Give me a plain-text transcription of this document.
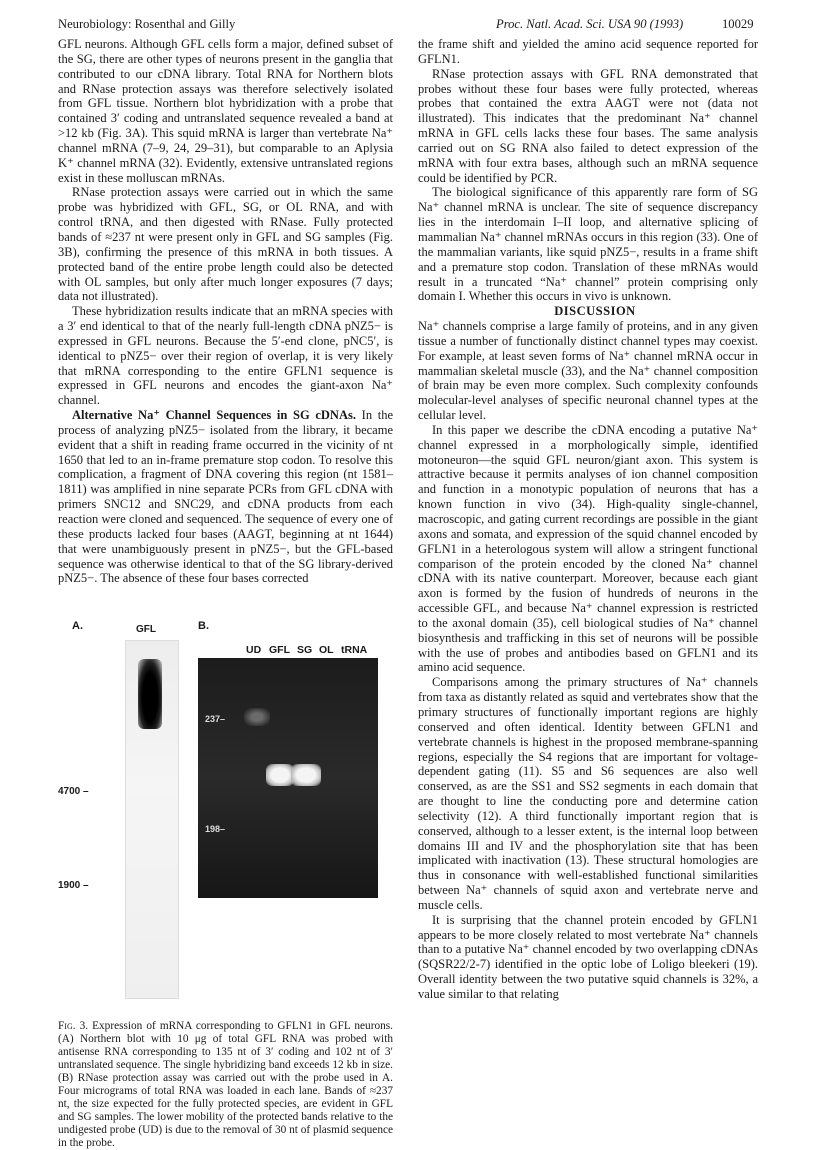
Neurobiology: Rosenthal and Gilly	Proc. Natl. Acad. Sci. USA 90 (1993)	10029

GFL neurons. Although GFL cells form a major, defined subset of the SG, there are other types of neurons present in the ganglia that contributed to our cDNA library. Total RNA for Northern blots and RNase protection assays was therefore selectively isolated from GFL tissue. Northern blot hybridization with a probe that contained 3′ coding and untranslated sequence revealed a band at >12 kb (Fig. 3A). This squid mRNA is larger than vertebrate Na⁺ channel mRNA (7–9, 24, 29–31), but comparable to an Aplysia K⁺ channel mRNA (32). Evidently, extensive untranslated regions exist in these molluscan mRNAs.

RNase protection assays were carried out in which the same probe was hybridized with GFL, SG, or OL RNA, and with control tRNA, and then digested with RNase. Fully protected bands of ≈237 nt were present only in GFL and SG samples (Fig. 3B), confirming the presence of this mRNA in both tissues. A protected band of the entire probe length could also be detected with OL samples, but only after much longer exposures (7 days; data not illustrated).

These hybridization results indicate that an mRNA species with a 3′ end identical to that of the nearly full-length cDNA pNZ5− is expressed in GFL neurons. Because the 5′-end clone, pNC5′, is identical to pNZ5− over their region of overlap, it is very likely that mRNA corresponding to the entire GFLN1 sequence is expressed in GFL neurons and encodes the giant-axon Na⁺ channel.

Alternative Na⁺ Channel Sequences in SG cDNAs. In the process of analyzing pNZ5− isolated from the library, it became evident that a shift in reading frame occurred in the vicinity of nt 1650 that led to an in-frame premature stop codon. To resolve this complication, a fragment of DNA covering this region (nt 1581–1811) was amplified in nine separate PCRs from GFL cDNA with primers SNC12 and SNC29, and cDNA products from each reaction were cloned and sequenced. The sequence of every one of these products lacked four bases (AAGT, beginning at nt 1644) that were unambiguously present in pNZ5−, but the GFL-based sequence was otherwise identical to that of the SG library-derived pNZ5−. The absence of these four bases corrected

A.	GFL
4700 –
1900 –
B.
UD GFL SG OL tRNA
237–
198–
Fig. 3. Expression of mRNA corresponding to GFLN1 in GFL neurons. (A) Northern blot with 10 μg of total GFL RNA was probed with antisense RNA corresponding to 135 nt of 3′ coding and 102 nt of 3′ untranslated sequence. The single hybridizing band exceeds 12 kb in size. (B) RNase protection assay was carried out with the probe used in A. Four micrograms of total RNA was loaded in each lane. Bands of ≈237 nt, the size expected for the fully protected species, are evident in GFL and SG samples. The lower mobility of the protected bands relative to the undigested probe (UD) is due to the removal of 30 nt of plasmid sequence in the probe.

the frame shift and yielded the amino acid sequence reported for GFLN1.

RNase protection assays with GFL RNA demonstrated that probes without these four bases were fully protected, whereas probes that contained the extra AAGT were not (data not illustrated). This indicates that the predominant Na⁺ channel mRNA in GFL cells lacks these four bases. The same analysis carried out on SG RNA also failed to detect expression of the mRNA with four extra bases, although such an mRNA sequence could be identified by PCR.

The biological significance of this apparently rare form of SG Na⁺ channel mRNA is unclear. The site of sequence discrepancy lies in the interdomain I–II loop, and alternative splicing of mammalian Na⁺ channel mRNAs occurs in this region (33). One of the mammalian variants, like squid pNZ5−, results in a frame shift and a premature stop codon. Translation of these mRNAs would result in a truncated “Na⁺ channel” protein comprising only domain I. Whether this occurs in vivo is unknown.

DISCUSSION

Na⁺ channels comprise a large family of proteins, and in any given tissue a number of functionally distinct channel types may coexist. For example, at least seven forms of Na⁺ channel mRNA occur in mammalian skeletal muscle (33), and the Na⁺ channel composition of brain may be even more complex. Such complexity confounds molecular-level analyses of specific neuronal channel types at the cellular level.

In this paper we describe the cDNA encoding a putative Na⁺ channel expressed in a morphologically simple, identified motoneuron—the squid GFL neuron/giant axon. This system is attractive because it permits analyses of ion channel composition and function in a monotypic population of neurons that has a known function in vivo (34). High-quality single-channel, macroscopic, and gating current recordings are possible in the giant axons and somata, and expression of the squid channel encoded by GFLN1 in a heterologous system will allow a stringent functional comparison of the protein encoded by the cloned Na⁺ channel cDNA with its native counterpart. Moreover, because each giant axon is formed by the fusion of hundreds of neurons in the accessible GFL, and because Na⁺ channel expression is restricted to the axonal domain (35), cell biological studies of Na⁺ channel biosynthesis and trafficking in this set of neurons will be possible with the use of probes and antibodies based on GFLN1 and its amino acid sequence.

Comparisons among the primary structures of Na⁺ channels from taxa as distantly related as squid and vertebrates show that the primary structures of functionally important regions are highly conserved and often identical. Identity between GFLN1 and vertebrate channels is highest in the proposed membrane-spanning regions, especially the S4 regions that are important for voltage-dependent gating (11). S5 and S6 sequences are also well conserved, as are the SS1 and SS2 segments in each domain that are thought to line the conducting pore and determine cation selectivity (12). A third functionally important region that is conserved, although to a lesser extent, is the internal loop between domains III and IV and the phosphorylation site that has been implicated with inactivation (13). These structural homologies are thus in consonance with well-established functional similarities between Na⁺ channels of squid axon and vertebrate nerve and muscle cells.

It is surprising that the channel protein encoded by GFLN1 appears to be more closely related to most vertebrate Na⁺ channels than to a putative Na⁺ channel encoded by two overlapping cDNAs (SQSR22/2-7) identified in the optic lobe of Loligo bleekeri (19). Overall identity between the two putative squid channels is 32%, a value similar to that relating
